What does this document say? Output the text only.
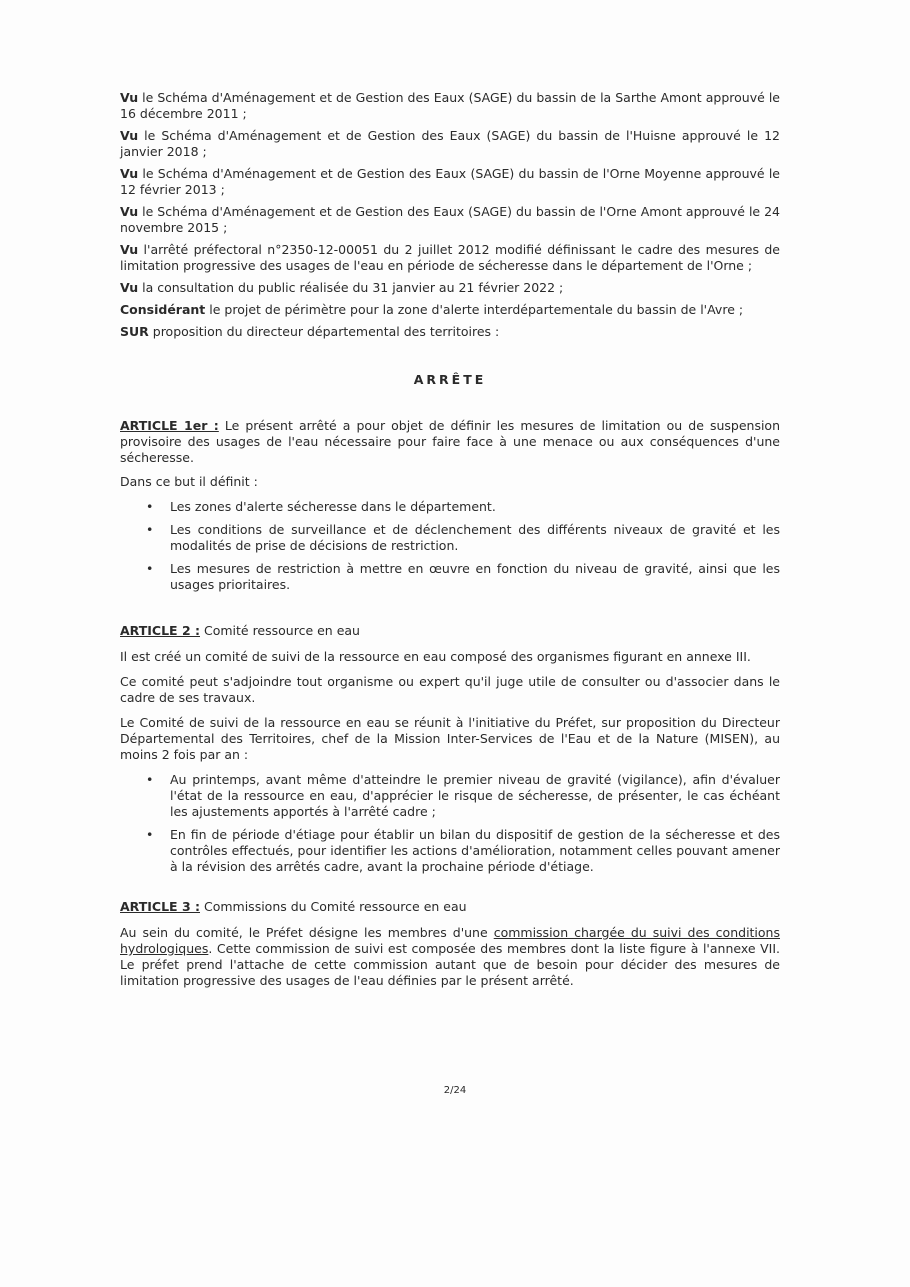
Vu le Schéma d'Aménagement et de Gestion des Eaux (SAGE) du bassin de la Sarthe Amont approuvé le 16 décembre 2011 ;

Vu le Schéma d'Aménagement et de Gestion des Eaux (SAGE) du bassin de l'Huisne approuvé le 12 janvier 2018 ;

Vu le Schéma d'Aménagement et de Gestion des Eaux (SAGE) du bassin de l'Orne Moyenne approuvé le 12 février 2013 ;

Vu le Schéma d'Aménagement et de Gestion des Eaux (SAGE) du bassin de l'Orne Amont approuvé le 24 novembre 2015 ;

Vu l'arrêté préfectoral n°2350-12-00051 du 2 juillet 2012 modifié définissant le cadre des mesures de limitation progressive des usages de l'eau en période de sécheresse dans le département de l'Orne ;

Vu la consultation du public réalisée du 31 janvier au 21 février 2022 ;

Considérant le projet de périmètre pour la zone d'alerte interdépartementale du bassin de l'Avre ;

SUR proposition du directeur départemental des territoires :

ARRÊTE

ARTICLE 1er : Le présent arrêté a pour objet de définir les mesures de limitation ou de suspension provisoire des usages de l'eau nécessaire pour faire face à une menace ou aux conséquences d'une sécheresse.

Dans ce but il définit :

• Les zones d'alerte sécheresse dans le département.
• Les conditions de surveillance et de déclenchement des différents niveaux de gravité et les modalités de prise de décisions de restriction.
• Les mesures de restriction à mettre en œuvre en fonction du niveau de gravité, ainsi que les usages prioritaires.

ARTICLE 2 : Comité ressource en eau

Il est créé un comité de suivi de la ressource en eau composé des organismes figurant en annexe III.

Ce comité peut s'adjoindre tout organisme ou expert qu'il juge utile de consulter ou d'associer dans le cadre de ses travaux.

Le Comité de suivi de la ressource en eau se réunit à l'initiative du Préfet, sur proposition du Directeur Départemental des Territoires, chef de la Mission Inter-Services de l'Eau et de la Nature (MISEN), au moins 2 fois par an :

• Au printemps, avant même d'atteindre le premier niveau de gravité (vigilance), afin d'évaluer l'état de la ressource en eau, d'apprécier le risque de sécheresse, de présenter, le cas échéant les ajustements apportés à l'arrêté cadre ;
• En fin de période d'étiage pour établir un bilan du dispositif de gestion de la sécheresse et des contrôles effectués, pour identifier les actions d'amélioration, notamment celles pouvant amener à la révision des arrêtés cadre, avant la prochaine période d'étiage.

ARTICLE 3 : Commissions du Comité ressource en eau

Au sein du comité, le Préfet désigne les membres d'une commission chargée du suivi des conditions hydrologiques. Cette commission de suivi est composée des membres dont la liste figure à l'annexe VII. Le préfet prend l'attache de cette commission autant que de besoin pour décider des mesures de limitation progressive des usages de l'eau définies par le présent arrêté.

2/24
